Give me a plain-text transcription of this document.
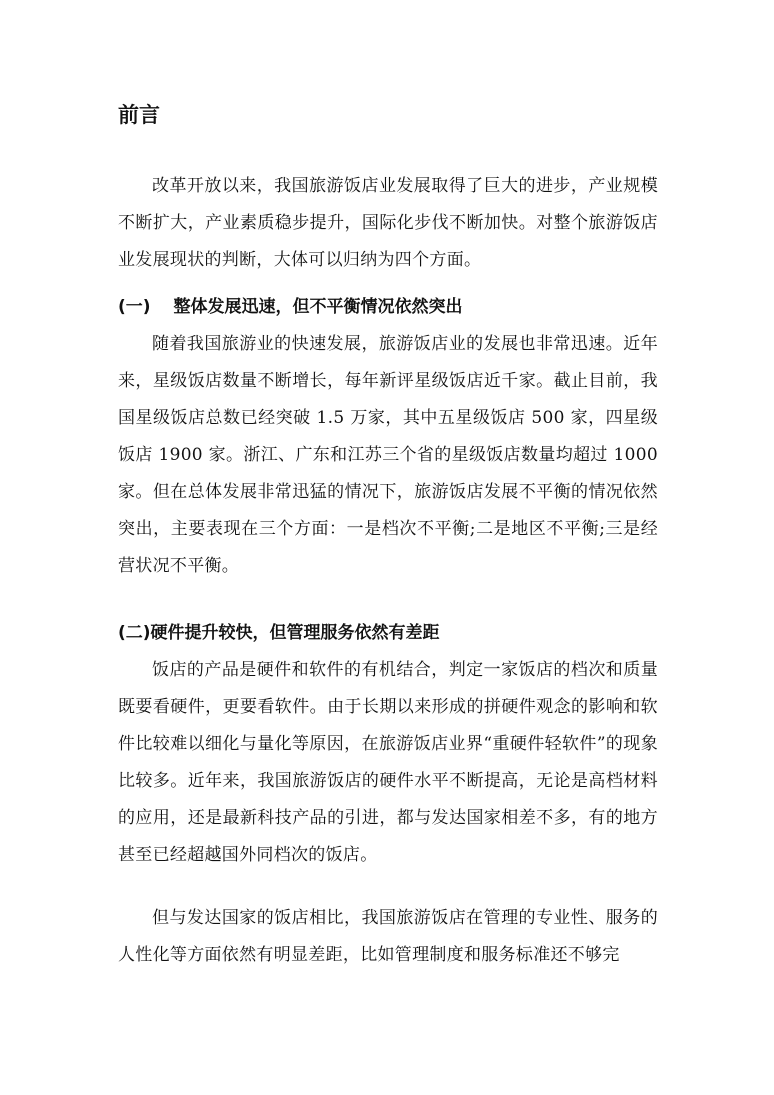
前言

改革开放以来，我国旅游饭店业发展取得了巨大的进步，产业规模不断扩大，产业素质稳步提升，国际化步伐不断加快。对整个旅游饭店业发展现状的判断，大体可以归纳为四个方面。

(一)　 整体发展迅速，但不平衡情况依然突出

随着我国旅游业的快速发展，旅游饭店业的发展也非常迅速。近年来，星级饭店数量不断增长，每年新评星级饭店近千家。截止目前，我国星级饭店总数已经突破 1.5 万家，其中五星级饭店 500 家，四星级饭店 1900 家。浙江、广东和江苏三个省的星级饭店数量均超过 1000 家。但在总体发展非常迅猛的情况下，旅游饭店发展不平衡的情况依然突出，主要表现在三个方面：一是档次不平衡;二是地区不平衡;三是经营状况不平衡。

(二)硬件提升较快，但管理服务依然有差距

饭店的产品是硬件和软件的有机结合，判定一家饭店的档次和质量既要看硬件，更要看软件。由于长期以来形成的拼硬件观念的影响和软件比较难以细化与量化等原因，在旅游饭店业界“重硬件轻软件”的现象比较多。近年来，我国旅游饭店的硬件水平不断提高，无论是高档材料的应用，还是最新科技产品的引进，都与发达国家相差不多，有的地方甚至已经超越国外同档次的饭店。

但与发达国家的饭店相比，我国旅游饭店在管理的专业性、服务的人性化等方面依然有明显差距，比如管理制度和服务标准还不够完
